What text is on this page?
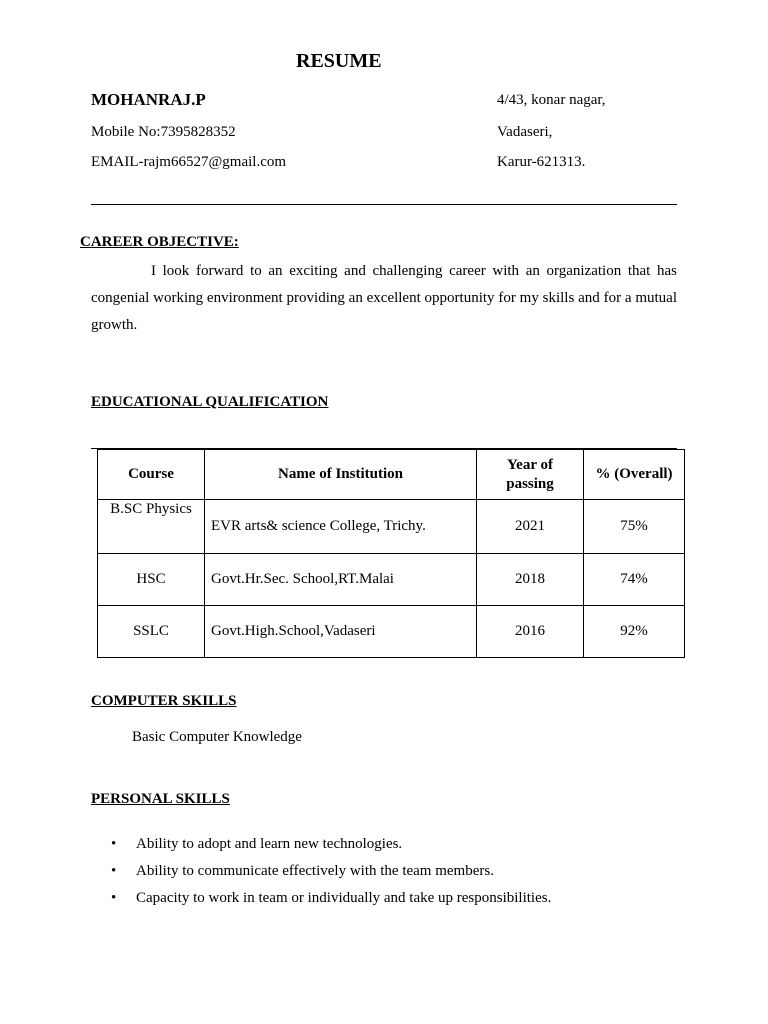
RESUME
MOHANRAJ.P
Mobile No:7395828352
EMAIL-rajm66527@gmail.com
4/43, konar nagar,
Vadaseri,
Karur-621313.
CAREER OBJECTIVE:

I look forward to an exciting and challenging career with an organization that has congenial working environment providing an excellent opportunity for my skills and for a mutual growth.

EDUCATIONAL QUALIFICATION
Course	Name of Institution	Year of passing	% (Overall)
B.SC Physics	EVR arts& science College, Trichy.	2021	75%
HSC	Govt.Hr.Sec. School,RT.Malai	2018	74%
SSLC	Govt.High.School,Vadaseri	2016	92%
COMPUTER SKILLS
Basic Computer Knowledge
PERSONAL SKILLS
• Ability to adopt and learn new technologies.
• Ability to communicate effectively with the team members.
• Capacity to work in team or individually and take up responsibilities.
